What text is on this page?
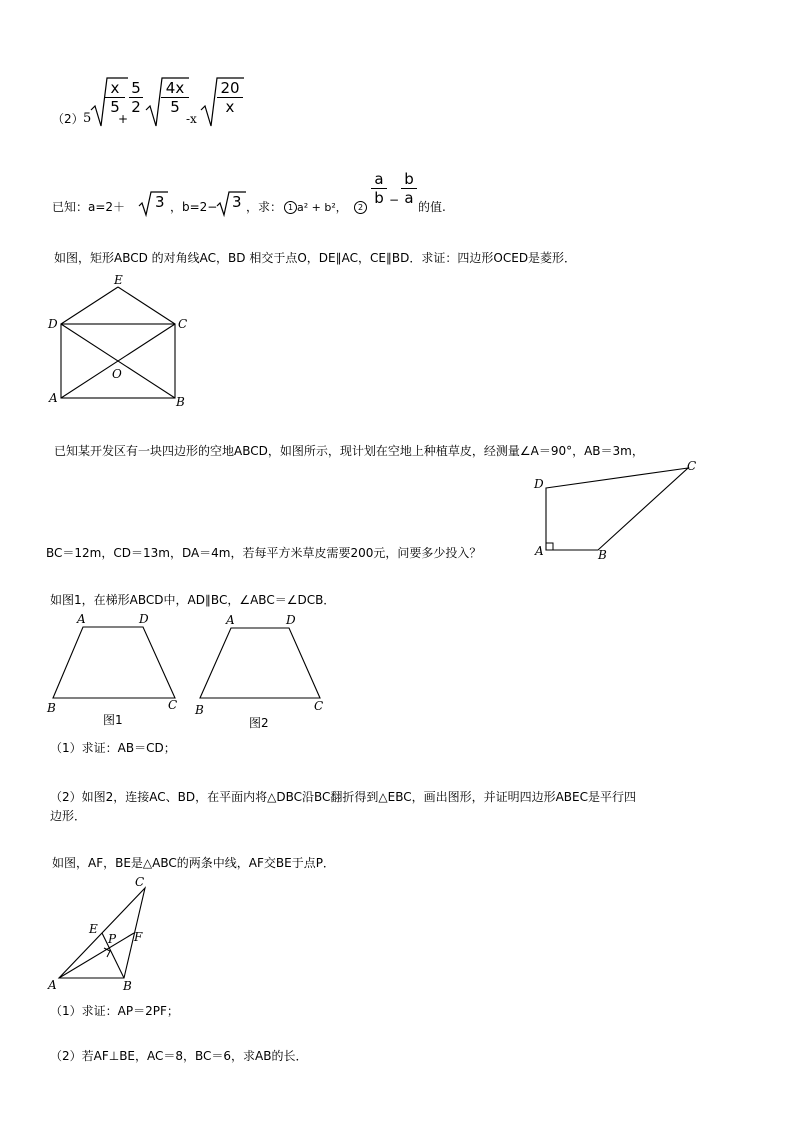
（2） 5
x
5
+
5
2
4x
5
-x
20
x
已知：a=2＋ 3 ，b=2− 3 ，求： 1 a² + b²，	2
a
b −
b
a 的值.
如图，矩形ABCD 的对角线AC，BD 相交于点O，DE∥AC，CE∥BD．求证：四边形OCED是菱形．
E
D	C
O
A	B
已知某开发区有一块四边形的空地ABCD，如图所示，现计划在空地上种植草皮，经测量∠A＝90°，AB＝3m，
D
C
A	B
BC＝12m，CD＝13m，DA＝4m，若每平方米草皮需要200元，问要多少投入？
如图1，在梯形ABCD中，AD∥BC，∠ABC＝∠DCB．
A	D
B	C
图1
A	D
B	C
图2
（1）求证：AB＝CD；
（2）如图2，连接AC、BD，在平面内将△DBC沿BC翻折得到△EBC，画出图形，并证明四边形ABEC是平行四
边形．
如图，AF，BE是△ABC的两条中线，AF交BE于点P．
C
E
P F
A	B
（1）求证：AP＝2PF；
（2）若AF⊥BE，AC＝8，BC＝6，求AB的长．
